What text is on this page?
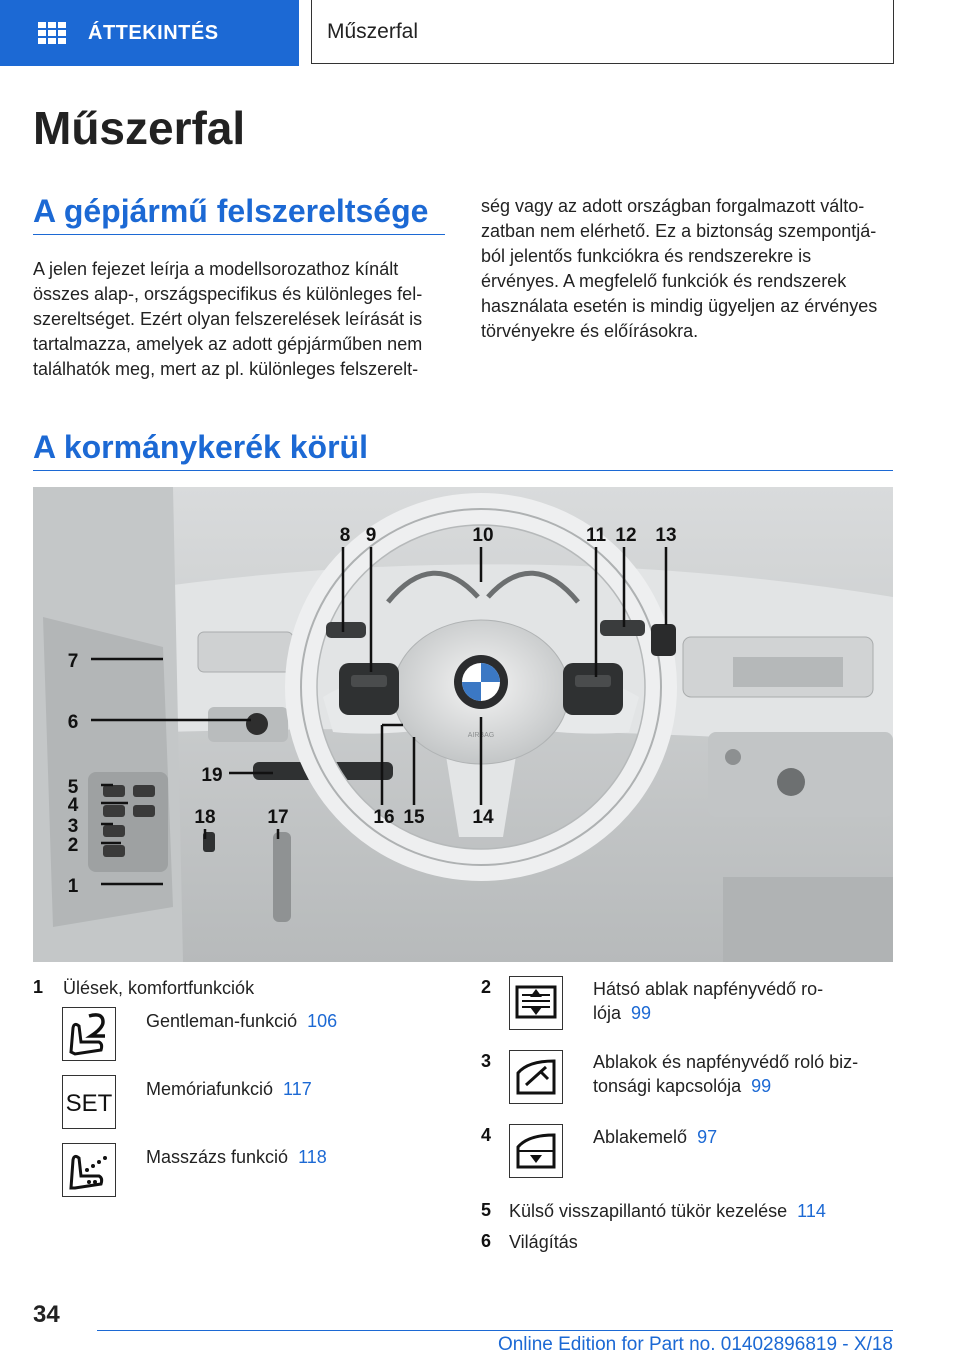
ÁTTEKINTÉS	Műszerfal
Műszerfal
A gépjármű felszereltsége
A jelen fejezet leírja a modellsorozathoz kínált
összes alap-, országspecifikus és különleges fel‐
szereltséget. Ezért olyan felszerelések leírását is
tartalmazza, amelyek az adott gépjárműben nem
találhatók meg, mert az pl. különleges felszerelt‐
ség vagy az adott országban forgalmazott válto‐
zatban nem elérhető. Ez a biztonság szempontjá‐
ból jelentős funkciókra és rendszerekre is
érvényes. A megfelelő funkciók és rendszerek
használata esetén is mindig ügyeljen az érvényes
törvényekre és előírásokra.
A kormánykerék körül
AIRBAG
8 9	10	11 12 13
7
6
19
5
4
3
2
1
18	17	16 15	14
1 Ülések, komfortfunkciók
Gentleman-funkció 106
SET
Memóriafunkció 117
Masszázs funkció 118
2	Hátsó ablak napfényvédő ro‐
lója 99
3	Ablakok és napfényvédő roló biz‐
tonsági kapcsolója 99
4	Ablakemelő 97
5 Külső visszapillantó tükör kezelése 114
6 Világítás
34
Online Edition for Part no. 01402896819 - X/18
